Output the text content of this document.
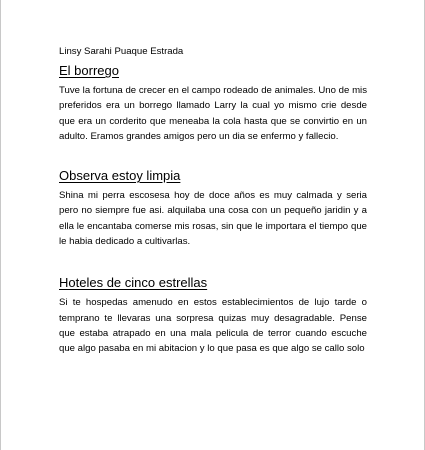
Linsy Sarahi Puaque Estrada
El borrego

Tuve la fortuna de crecer en el campo rodeado de animales. Uno de mis preferidos era un borrego llamado Larry la cual yo mismo crie desde que era un corderito que meneaba la cola hasta que se convirtio en un adulto. Eramos grandes amigos pero un dia se enfermo y fallecio.

Observa estoy limpia

Shina mi perra escosesa hoy de doce años es muy calmada y seria pero no siempre fue asi. alquilaba una cosa con un pequeño jaridin y a ella le encantaba comerse mis rosas, sin que le importara el tiempo que le habia dedicado a cultivarlas.

Hoteles de cinco estrellas

Si te hospedas amenudo en estos establecimientos de lujo tarde o temprano te llevaras una sorpresa quizas muy desagradable. Pense que estaba atrapado en una mala pelicula de terror cuando escuche que algo pasaba en mi abitacion y lo que pasa es que algo se callo solo
